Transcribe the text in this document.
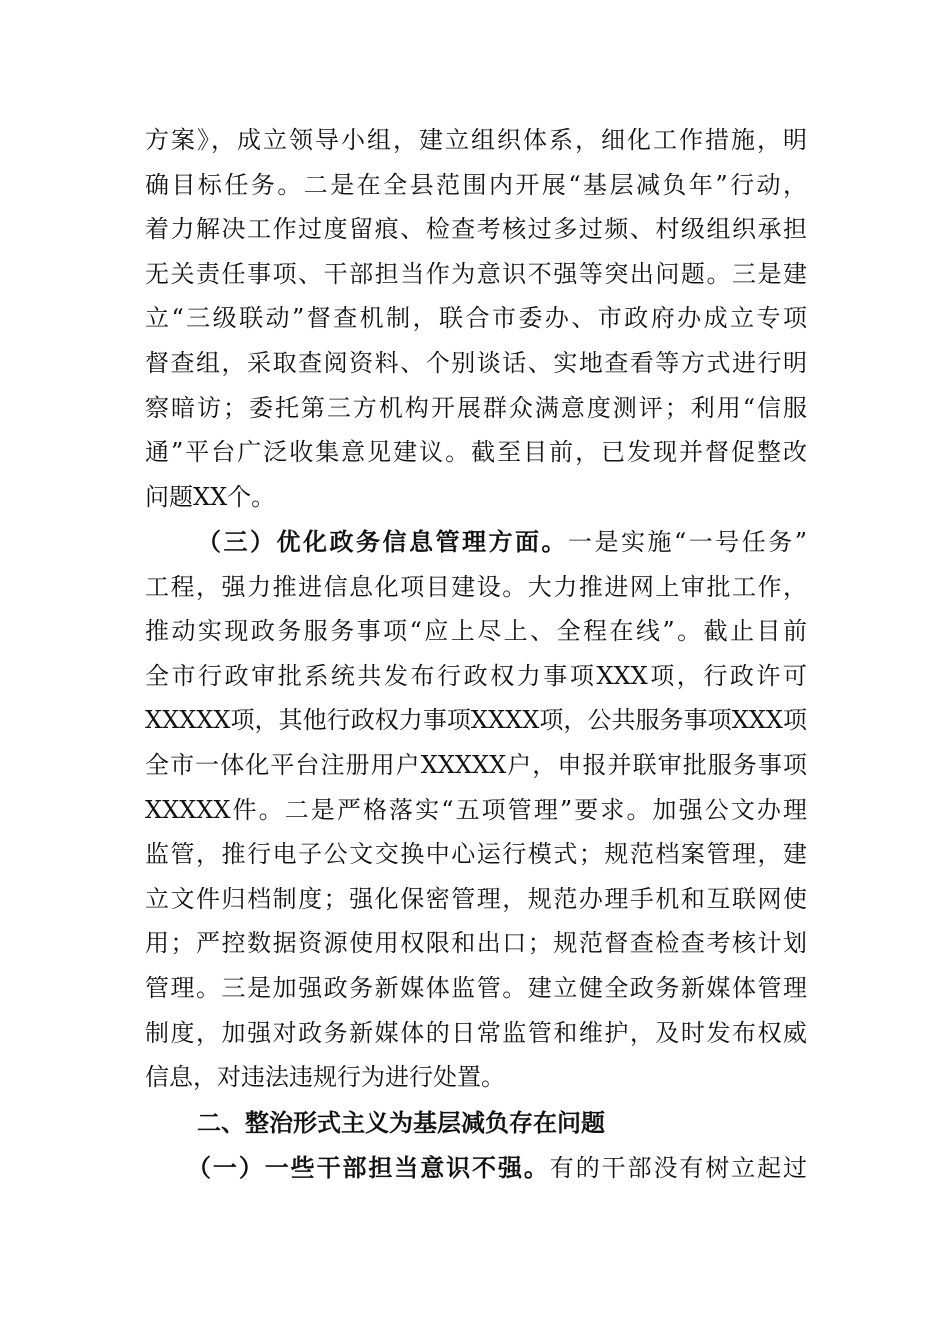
方案》，成立领导小组，建立组织体系，细化工作措施，明
确目标任务。二是在全县范围内开展“基层减负年”行动，
着力解决工作过度留痕、检查考核过多过频、村级组织承担
无关责任事项、干部担当作为意识不强等突出问题。三是建
立“三级联动”督查机制，联合市委办、市政府办成立专项
督查组，采取查阅资料、个别谈话、实地查看等方式进行明
察暗访；委托第三方机构开展群众满意度测评；利用“信服
通”平台广泛收集意见建议。截至目前，已发现并督促整改
问题XX个。
（三）优化政务信息管理方面。一是实施“一号任务”
工程，强力推进信息化项目建设。大力推进网上审批工作，
推动实现政务服务事项“应上尽上、全程在线”。截止目前
全市行政审批系统共发布行政权力事项XXX项，行政许可
XXXXX项，其他行政权力事项XXXX项，公共服务事项XXX项
全市一体化平台注册用户XXXXX户，申报并联审批服务事项
XXXXX件。二是严格落实“五项管理”要求。加强公文办理
监管，推行电子公文交换中心运行模式；规范档案管理，建
立文件归档制度；强化保密管理，规范办理手机和互联网使
用；严控数据资源使用权限和出口；规范督查检查考核计划
管理。三是加强政务新媒体监管。建立健全政务新媒体管理
制度，加强对政务新媒体的日常监管和维护，及时发布权威
信息，对违法违规行为进行处置。
二、整治形式主义为基层减负存在问题
（一）一些干部担当意识不强。有的干部没有树立起过
